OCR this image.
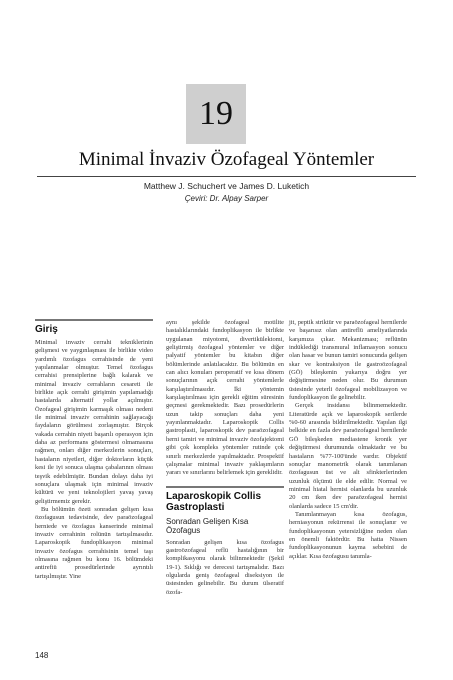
19
Minimal İnvaziv Özofageal Yöntemler
Matthew J. Schuchert ve James D. Luketich
Çeviri: Dr. Alpay Sarper
Giriş

Minimal invaziv cerrahi tekniklerinin gelişmesi ve yaygınlaşması ile birlikte video yardımlı özofagus cerrahisinde de yeni yapılanmalar olmuştur. Temel özofagus cerrahisi prensiplerine bağlı kalarak ve minimal invaziv cerrahların cesareti ile birlikte açık cerrahi girişimin yapılamadığı hastalarda alternatif yollar açılmıştır. Özofageal girişimin karmaşık olması nedeni ile minimal invaziv cerrahinin sağlayacağı faydaların görülmesi zorlaşmıştır. Birçok vakada cerrahin niyeti başarılı operasyon için daha az performans göstermesi olmamasına rağmen, onları diğer merkezlerin sonuçları, hastaların niyetleri, diğer doktorların küçük kesi ile iyi sonuca ulaşma çabalarının olması teşvik edebilmiştir. Bundan dolayı daha iyi sonuçlara ulaşmak için minimal invaziv kültürü ve yeni teknolojileri yavaş yavaş geliştirmemiz gerekir.

Bu bölümün özeti sonradan gelişen kısa özofagusun tedavisinde, dev paraözofageal herniede ve özofagus kanserinde minimal invaziv cerrahinin rolünün tartışılmasıdır. Laparoskopik fundoplikasyon minimal invaziv özofagus cerrahisinin temel taşı olmasına rağmen bu konu 16. bölümdeki antirefiü prosedürlerinde ayrıntılı tartışılmıştır. Yine

aynı şekilde özofageal motilite hastalıklarındaki fundoplikasyon ile birlikte uygulanan miyotomi, divertikülektomi, geliştirmiş özofageal yöntemler ve diğer palyatif yöntemler bu kitabın diğer bölümlerinde anlatılacaktır. Bu bölümün en can alıcı konuları peroperatif ve kısa dönem sonuçlarının açık cerrahi yöntemlerle karşılaştırılmasıdır. İki yöntemin karşılaştırılması için gerekli eğitim süresinin geçmesi gerekmektedir. Bazı prosedürlerin uzun takip sonuçları daha yeni yayınlanmaktadır. Laparoskopik Collis gastroplasti, laparoskopik dev paraözofageal herni tamiri ve minimal invaziv özofajektomi gibi çok kompleks yöntemler rutinde çok sınırlı merkezlerde yapılmaktadır. Prospektif çalışmalar minimal invaziv yaklaşımların yararı ve sınırlarını belirlemek için gereklidir.

Laparoskopik Collis Gastroplasti
Sonradan Gelişen Kısa Özofagus

Sonradan gelişen kısa özofagus gastroözofageal reflü hastalığının bir komplikasyonu olarak bilinmektedir (Şekil 19-1). Sıklığı ve derecesi tartışmalıdır. Bazı olgularda geniş özofageal diseksiyon ile üstesinden gelinebilir. Bu durum ülseratif özofa-

jit, peptik striktür ve paraözofageal hernilerde ve başarısız olan antireflü ameliyatlarında karşımıza çıkar. Mekanizması; reflünün indüklediği transmural inflamasyon sonucu olan hasar ve bunun tamiri sonucunda gelişen skar ve kontraksiyon ile gastroözofageal (GÖ) bileşkenin yukarıya doğru yer değiştirmesine neden olur. Bu durumun üstesinde yeterli özofageal mobilizasyon ve fundoplikasyon ile gelinebilir.

Gerçek insidansı bilinmemektedir. Literatürde açık ve laparoskopik serilerde %0-60 arasında bildirilmektedir. Yapılan ilgi belkide en fazla dev paraözofageal hernilerde GÖ bileşkeden mediastene kronik yer değiştirmesi durumunda olmaktadır ve bu hastaların %77-100'ünde vardır. Objektif sonuçlar manometrik olarak tanımlanan özofagusun üst ve alt sfinkterlerinden uzunluk ölçümü ile elde edilir. Normal ve minimal hiatal hernisi olanlarda bu uzunluk 20 cm iken dev paraözofageal hernisi olanlarda sadece 15 cm'dir.

Tanımlanmayan kısa özofagus, herniasyonun rekürrensi ile sonuçlanır ve fundoplikasyonun yetersizliğine neden olan en önemli faktördür. Bu hatta Nissen fundoplikasyonunun kayma sebebini de açıklar. Kısa özofagusu tanımla-

148
